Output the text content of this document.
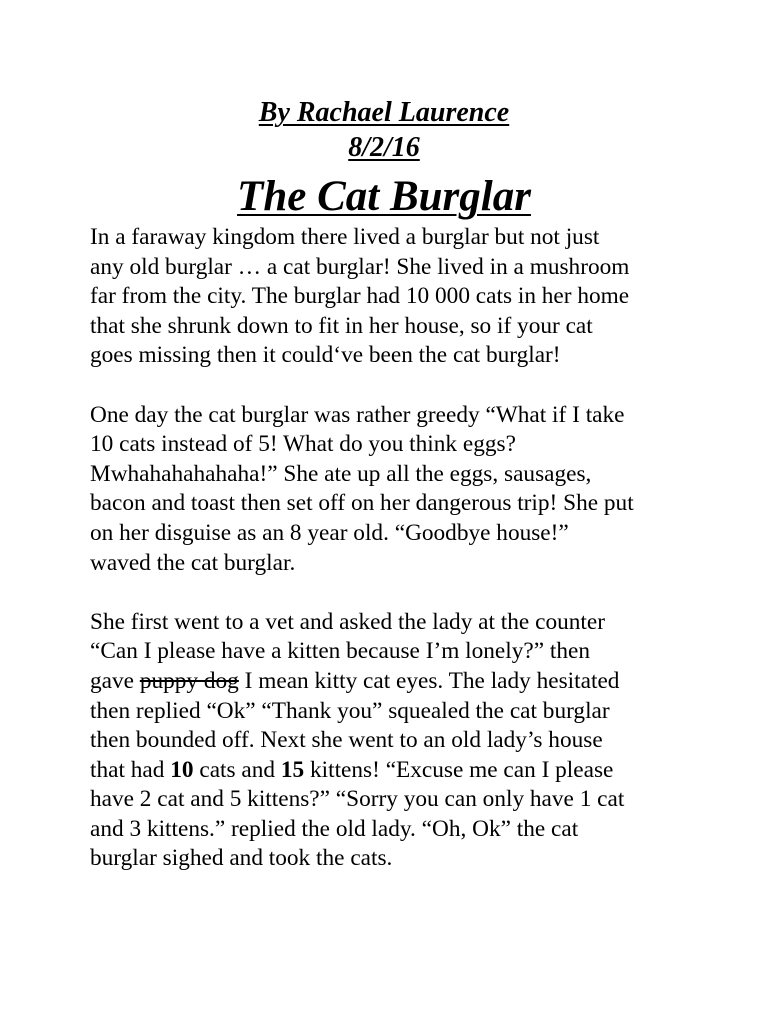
By Rachael Laurence
8/2/16
The Cat Burglar
In a faraway kingdom there lived a burglar but not just
any old burglar … a cat burglar! She lived in a mushroom
far from the city. The burglar had 10 000 cats in her home
that she shrunk down to fit in her house, so if your cat
goes missing then it could‘ve been the cat burglar!
One day the cat burglar was rather greedy “What if I take
10 cats instead of 5! What do you think eggs?
Mwhahahahahaha!” She ate up all the eggs, sausages,
bacon and toast then set off on her dangerous trip! She put
on her disguise as an 8 year old. “Goodbye house!”
waved the cat burglar.
She first went to a vet and asked the lady at the counter
“Can I please have a kitten because I’m lonely?” then
gave puppy dog I mean kitty cat eyes. The lady hesitated
then replied “Ok” “Thank you” squealed the cat burglar
then bounded off. Next she went to an old lady’s house
that had 10 cats and 15 kittens! “Excuse me can I please
have 2 cat and 5 kittens?” “Sorry you can only have 1 cat
and 3 kittens.” replied the old lady. “Oh, Ok” the cat
burglar sighed and took the cats.
